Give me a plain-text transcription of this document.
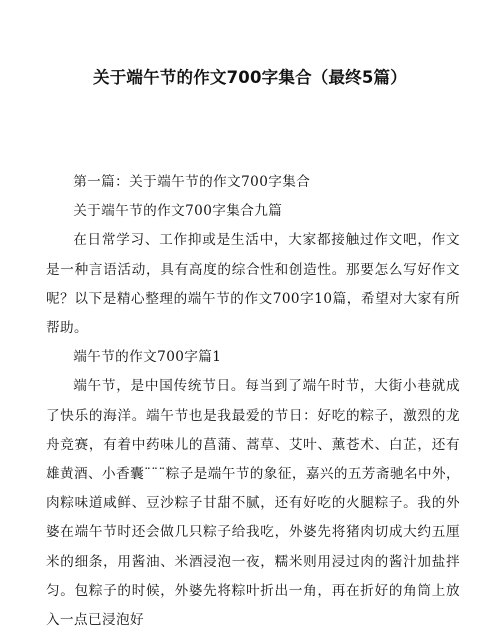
关于端午节的作文700字集合（最终5篇）

第一篇：关于端午节的作文700字集合

关于端午节的作文700字集合九篇

在日常学习、工作抑或是生活中，大家都接触过作文吧，作文是一种言语活动，具有高度的综合性和创造性。那要怎么写好作文呢？以下是精心整理的端午节的作文700字10篇，希望对大家有所帮助。

端午节的作文700字篇1

端午节，是中国传统节日。每当到了端午时节，大街小巷就成了快乐的海洋。端午节也是我最爱的节日：好吃的粽子，激烈的龙舟竞赛，有着中药味儿的菖蒲、蒿草、艾叶、薰苍术、白芷，还有雄黄酒、小香囊¨¨¨粽子是端午节的象征，嘉兴的五芳斋驰名中外，肉粽味道咸鲜、豆沙粽子甘甜不腻，还有好吃的火腿粽子。我的外婆在端午节时还会做几只粽子给我吃，外婆先将猪肉切成大约五厘米的细条，用酱油、米酒浸泡一夜，糯米则用浸过肉的酱汁加盐拌匀。包粽子的时候，外婆先将粽叶折出一角，再在折好的角筒上放入一点已浸泡好
